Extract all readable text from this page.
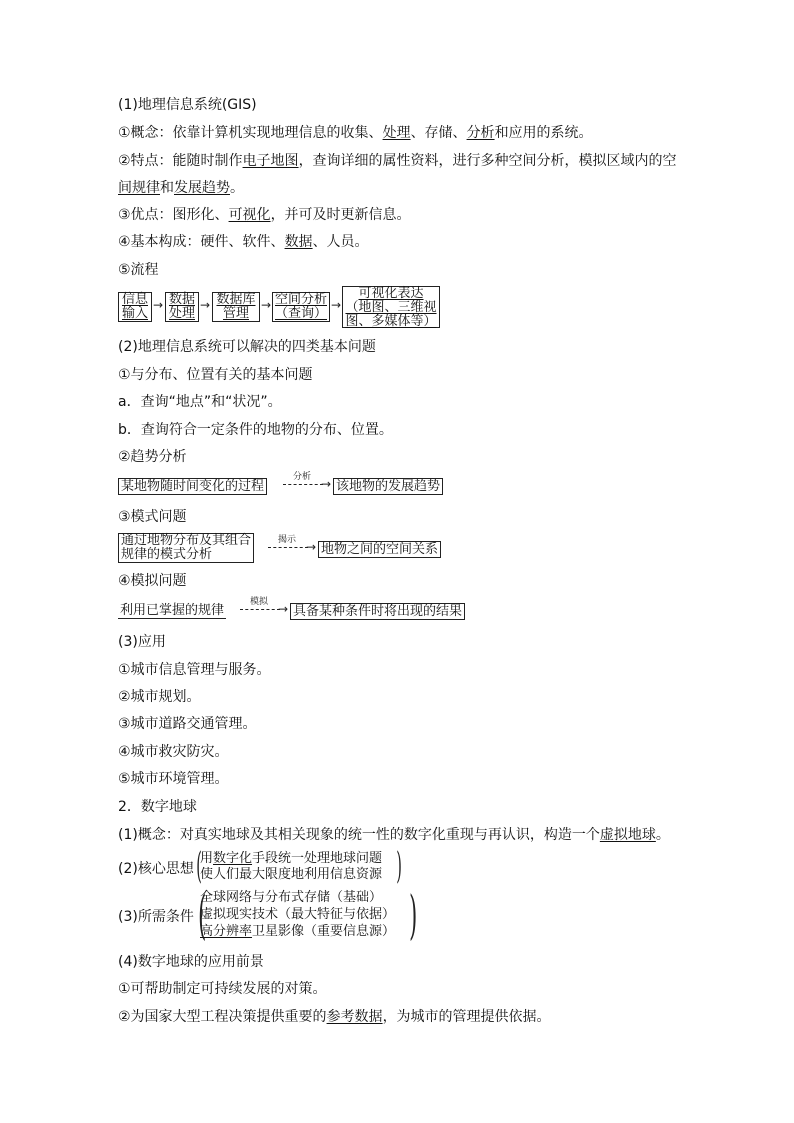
(1)地理信息系统(GIS)
①概念：依靠计算机实现地理信息的收集、处理、存储、分析和应用的系统。
②特点：能随时制作电子地图，查询详细的属性资料，进行多种空间分析，模拟区域内的空
间规律和发展趋势。
③优点：图形化、可视化，并可及时更新信息。
④基本构成：硬件、软件、数据、人员。
⑤流程
信息
输入
→ 数据
处理
→ 数据库
管理
→ 空间分析
（查询）
→
可视化表达
（地图、三维视
图、多媒体等）
(2)地理信息系统可以解决的四类基本问题
①与分布、位置有关的基本问题
a．查询“地点”和“状况”。
b．查询符合一定条件的地物的分布、位置。
②趋势分析
某地物随时间变化的过程
分析 → 该地物的发展趋势
③模式问题
通过地物分布及其组合
规律的模式分析
揭示 → 地物之间的空间关系
④模拟问题
利用已掌握的规律
模拟 → 具备某种条件时将出现的结果
(3)应用
①城市信息管理与服务。
②城市规划。
③城市道路交通管理。
④城市救灾防灾。
⑤城市环境管理。
2．数字地球
(1)概念：对真实地球及其相关现象的统一性的数字化重现与再认识，构造一个虚拟地球。
(2)核心思想 (
用数字化手段统一处理地球问题
使人们最大限度地利用信息资源 )
(3)所需条件 (
全球网络与分布式存储（基础）
虚拟现实技术（最大特征与依据）
高分辨率卫星影像（重要信息源） )
(4)数字地球的应用前景
①可帮助制定可持续发展的对策。
②为国家大型工程决策提供重要的参考数据，为城市的管理提供依据。
